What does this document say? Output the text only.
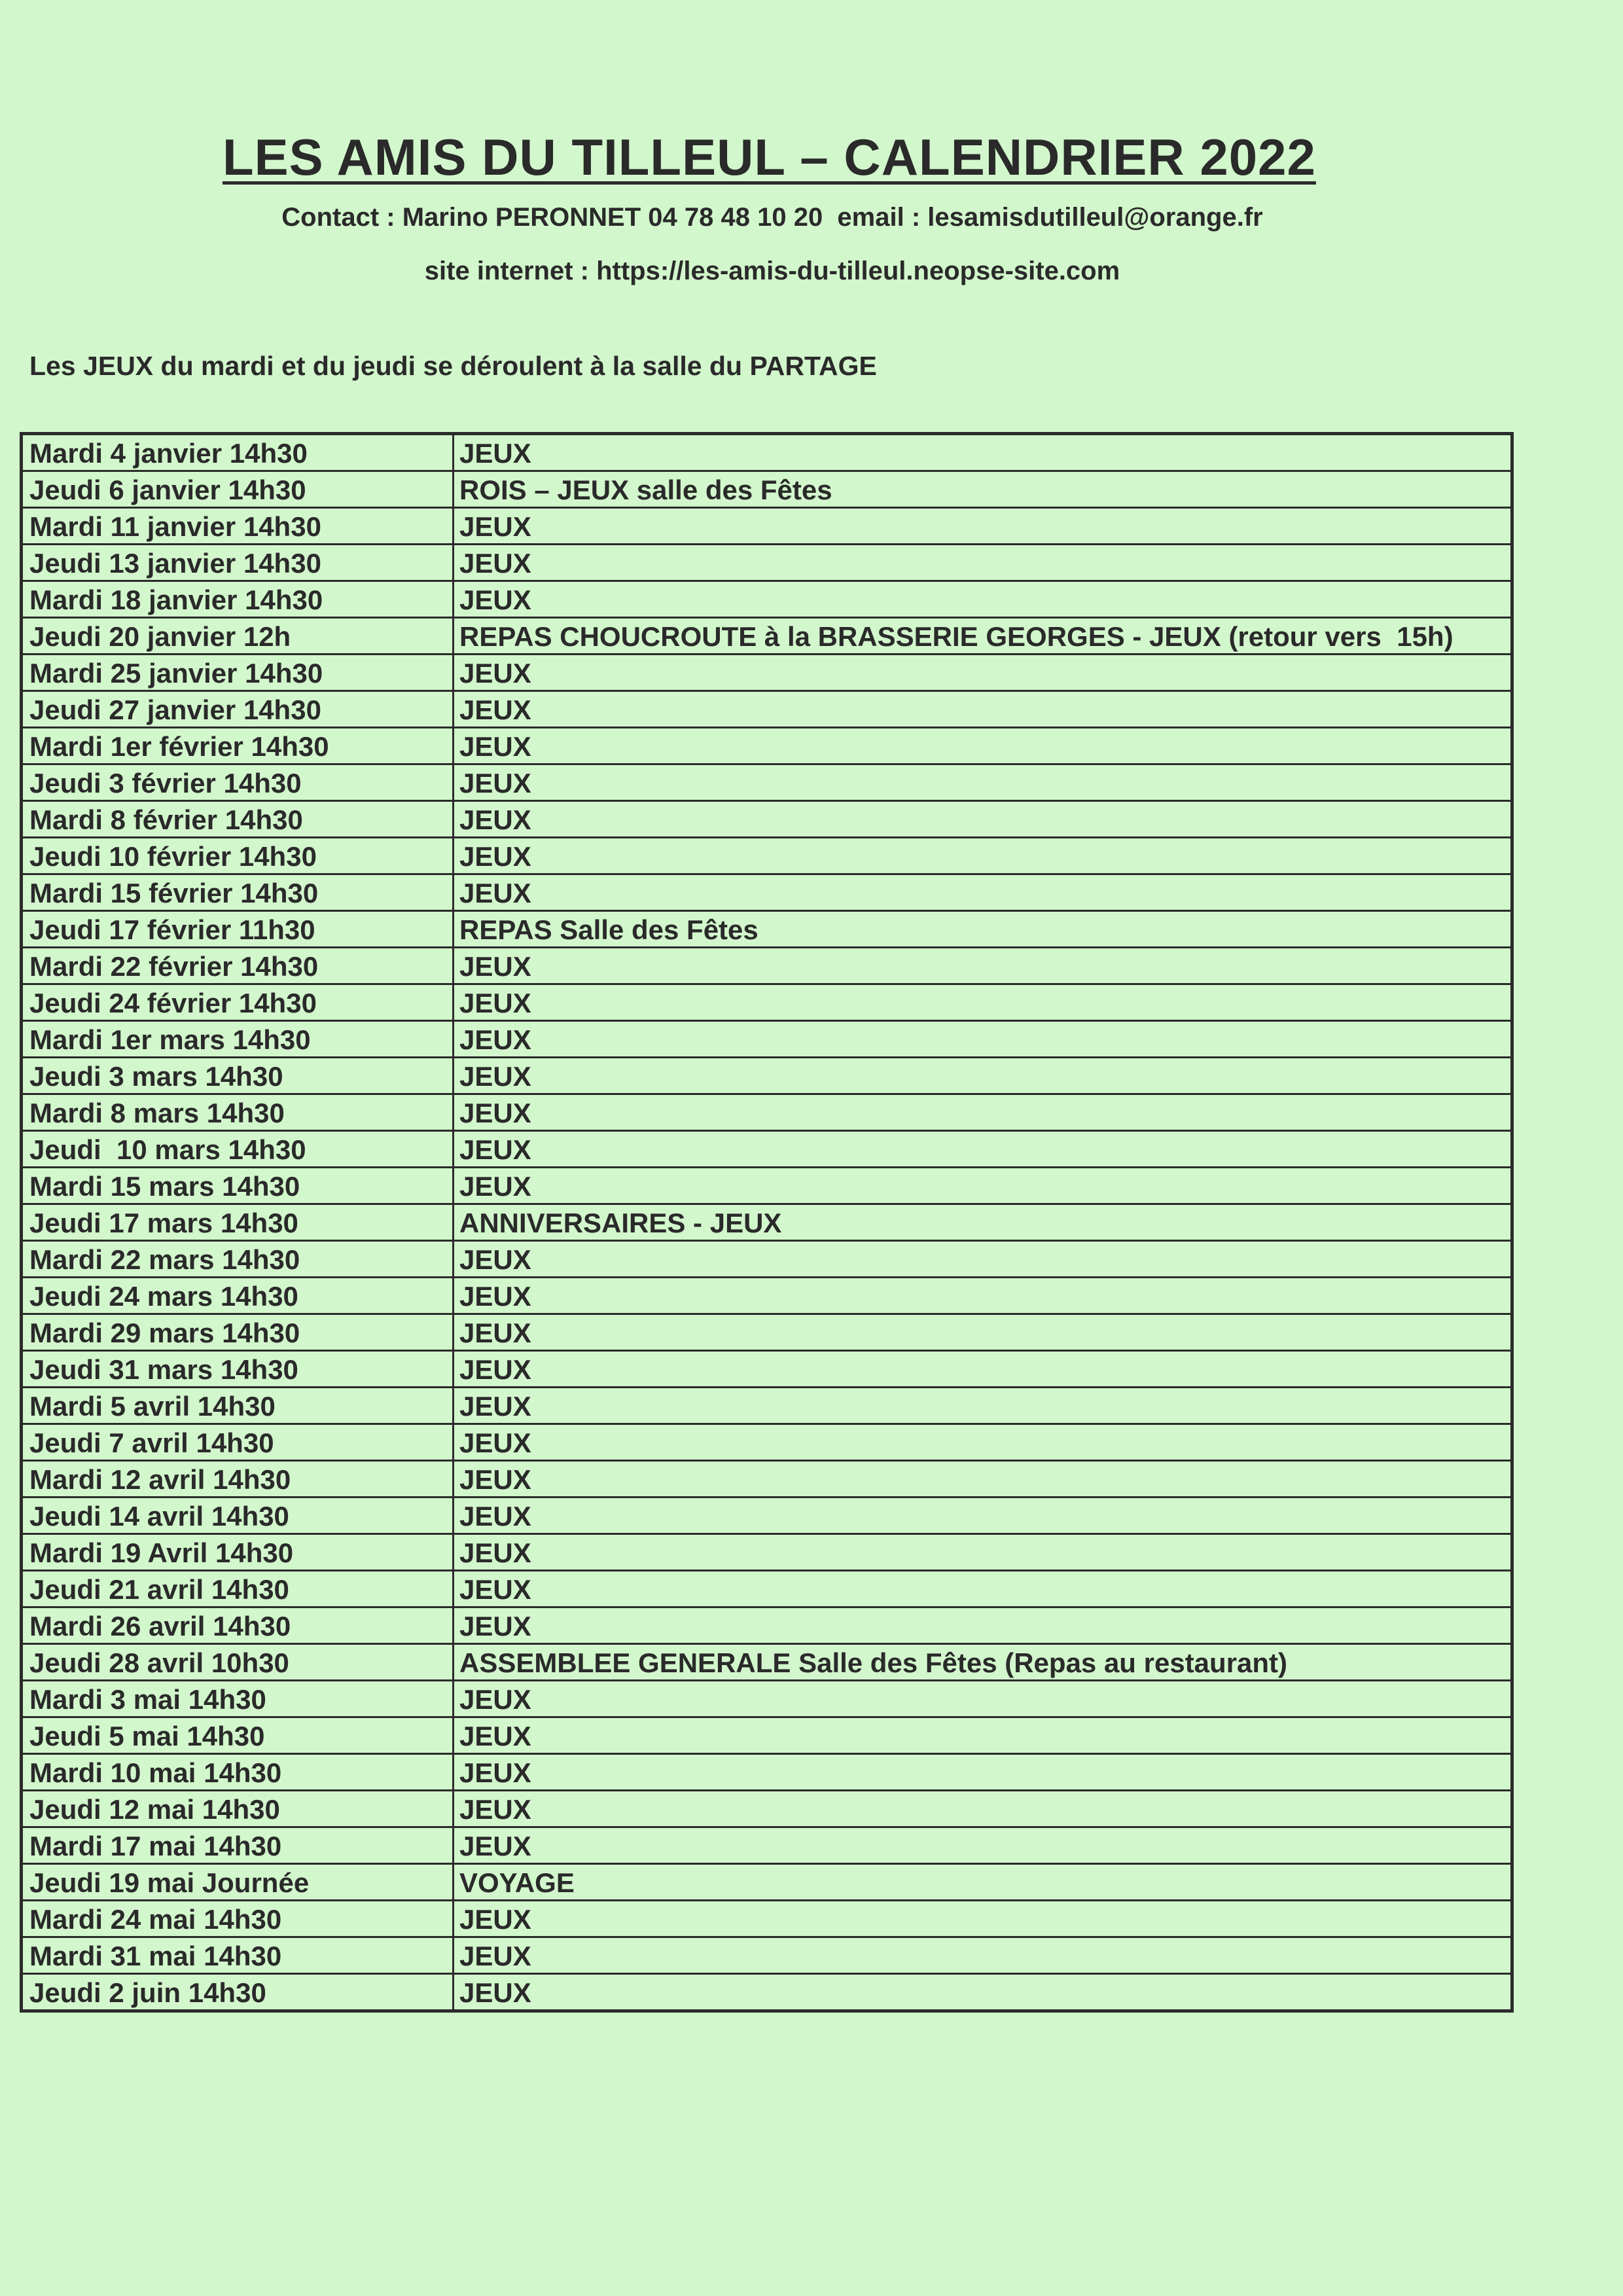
LES AMIS DU TILLEUL – CALENDRIER 2022

Contact : Marino PERONNET 04 78 48 10 20  email : lesamisdutilleul@orange.fr

site internet : https://les-amis-du-tilleul.neopse-site.com

Les JEUX du mardi et du jeudi se déroulent à la salle du PARTAGE

Mardi 4 janvier 14h30	JEUX
Jeudi 6 janvier 14h30	ROIS – JEUX salle des Fêtes
Mardi 11 janvier 14h30	JEUX
Jeudi 13 janvier 14h30	JEUX
Mardi 18 janvier 14h30	JEUX
Jeudi 20 janvier 12h	REPAS CHOUCROUTE à la BRASSERIE GEORGES - JEUX (retour vers  15h)
Mardi 25 janvier 14h30	JEUX
Jeudi 27 janvier 14h30	JEUX
Mardi 1er février 14h30	JEUX
Jeudi 3 février 14h30	JEUX
Mardi 8 février 14h30	JEUX
Jeudi 10 février 14h30	JEUX
Mardi 15 février 14h30	JEUX
Jeudi 17 février 11h30	REPAS Salle des Fêtes
Mardi 22 février 14h30	JEUX
Jeudi 24 février 14h30	JEUX
Mardi 1er mars 14h30	JEUX
Jeudi 3 mars 14h30	JEUX
Mardi 8 mars 14h30	JEUX
Jeudi  10 mars 14h30	JEUX
Mardi 15 mars 14h30	JEUX
Jeudi 17 mars 14h30	ANNIVERSAIRES - JEUX
Mardi 22 mars 14h30	JEUX
Jeudi 24 mars 14h30	JEUX
Mardi 29 mars 14h30	JEUX
Jeudi 31 mars 14h30	JEUX
Mardi 5 avril 14h30	JEUX
Jeudi 7 avril 14h30	JEUX
Mardi 12 avril 14h30	JEUX
Jeudi 14 avril 14h30	JEUX
Mardi 19 Avril 14h30	JEUX
Jeudi 21 avril 14h30	JEUX
Mardi 26 avril 14h30	JEUX
Jeudi 28 avril 10h30	ASSEMBLEE GENERALE Salle des Fêtes (Repas au restaurant)
Mardi 3 mai 14h30	JEUX
Jeudi 5 mai 14h30	JEUX
Mardi 10 mai 14h30	JEUX
Jeudi 12 mai 14h30	JEUX
Mardi 17 mai 14h30	JEUX
Jeudi 19 mai Journée	VOYAGE
Mardi 24 mai 14h30	JEUX
Mardi 31 mai 14h30	JEUX
Jeudi 2 juin 14h30	JEUX
